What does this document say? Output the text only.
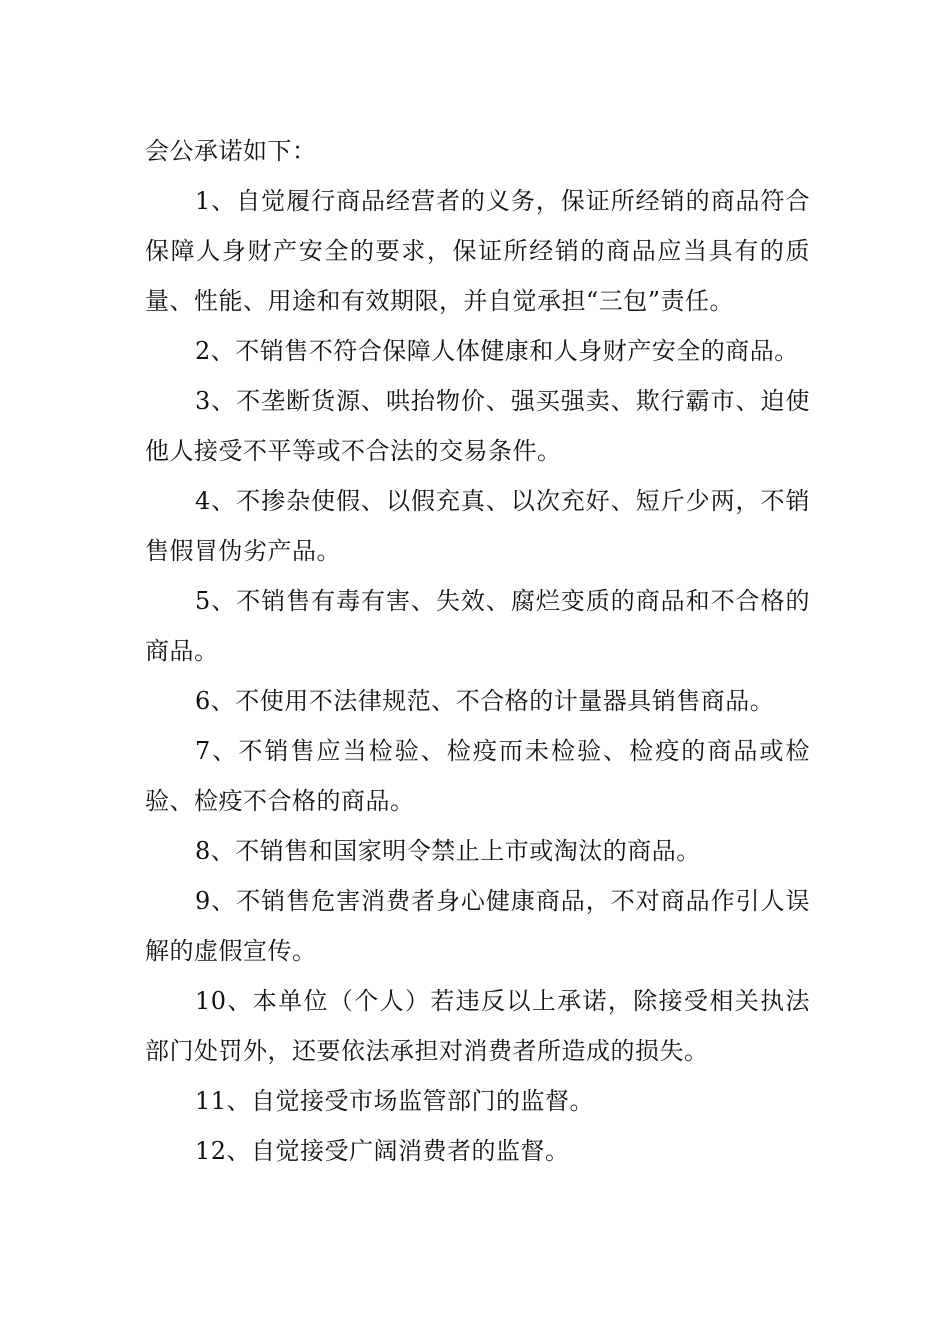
会公承诺如下：

1、自觉履行商品经营者的义务，保证所经销的商品符合保障人身财产安全的要求，保证所经销的商品应当具有的质量、性能、用途和有效期限，并自觉承担“三包”责任。

2、不销售不符合保障人体健康和人身财产安全的商品。

3、不垄断货源、哄抬物价、强买强卖、欺行霸市、迫使他人接受不平等或不合法的交易条件。

4、不掺杂使假、以假充真、以次充好、短斤少两，不销售假冒伪劣产品。

5、不销售有毒有害、失效、腐烂变质的商品和不合格的商品。

6、不使用不法律规范、不合格的计量器具销售商品。

7、不销售应当检验、检疫而未检验、检疫的商品或检验、检疫不合格的商品。

8、不销售和国家明令禁止上市或淘汰的商品。

9、不销售危害消费者身心健康商品，不对商品作引人误解的虚假宣传。

10、本单位（个人）若违反以上承诺，除接受相关执法部门处罚外，还要依法承担对消费者所造成的损失。

11、自觉接受市场监管部门的监督。

12、自觉接受广阔消费者的监督。
